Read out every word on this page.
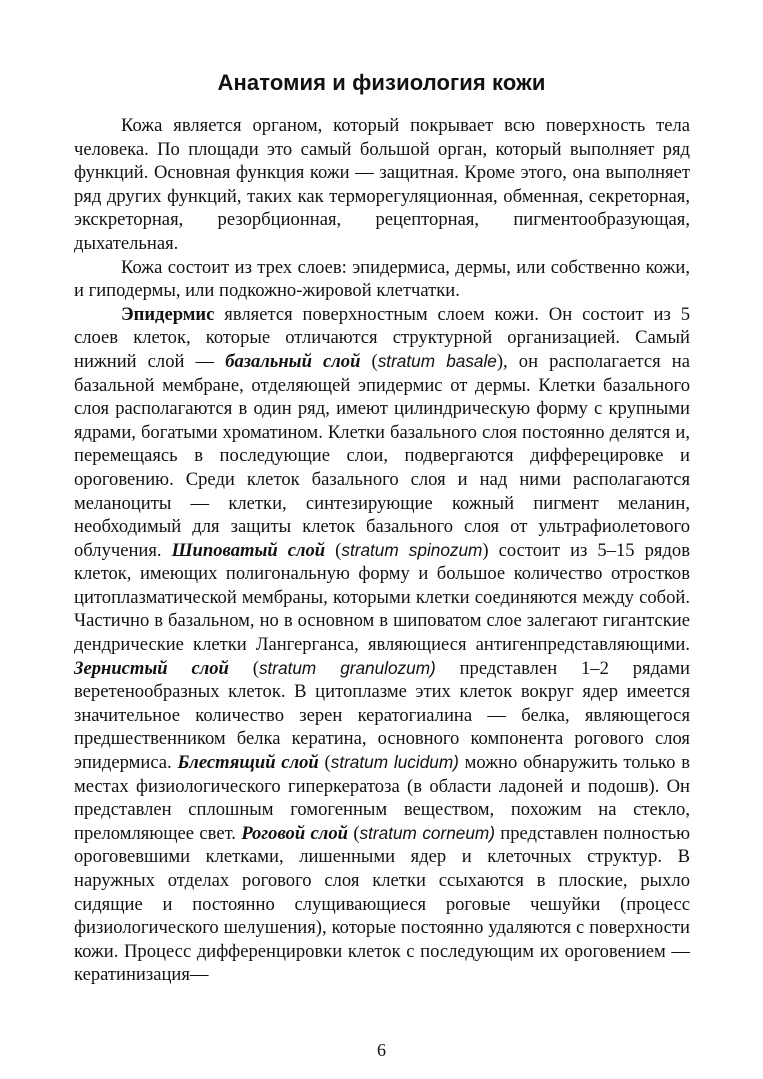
Анатомия и физиология кожи

Кожа является органом, который покрывает всю поверхность тела человека. По площади это самый большой орган, который выполняет ряд функций. Основная функция кожи — защитная. Кроме этого, она выполняет ряд других функций, таких как терморегуляционная, обменная, секреторная, экскреторная, резорбционная, рецепторная, пигментообразующая, дыхательная.

Кожа состоит из трех слоев: эпидермиса, дермы, или собственно кожи, и гиподермы, или подкожно-жировой клетчатки.

Эпидермис является поверхностным слоем кожи. Он состоит из 5 слоев клеток, которые отличаются структурной организацией. Самый нижний слой — базальный слой (stratum basale), он располагается на базальной мембране, отделяющей эпидермис от дермы. Клетки базального слоя располагаются в один ряд, имеют цилиндрическую форму с крупными ядрами, богатыми хроматином. Клетки базального слоя постоянно делятся и, перемещаясь в последующие слои, подвергаются дифферецировке и ороговению. Среди клеток базального слоя и над ними располагаются меланоциты — клетки, синтезирующие кожный пигмент меланин, необходимый для защиты клеток базального слоя от ультрафиолетового облучения. Шиповатый слой (stratum spinozum) состоит из 5–15 рядов клеток, имеющих полигональную форму и большое количество отростков цитоплазматической мембраны, которыми клетки соединяются между собой. Частично в базальном, но в основном в шиповатом слое залегают гигантские дендрические клетки Лангерганса, являющиеся антигенпредставляющими. Зернистый слой (stratum granulozum) представлен 1–2 рядами веретенообразных клеток. В цитоплазме этих клеток вокруг ядер имеется значительное количество зерен кератогиалина — белка, являющегося предшественником белка кератина, основного компонента рогового слоя эпидермиса. Блестящий слой (stratum lucidum) можно обнаружить только в местах физиологического гиперкератоза (в области ладоней и подошв). Он представлен сплошным гомогенным веществом, похожим на стекло, преломляющее свет. Роговой слой (stratum corneum) представлен полностью ороговевшими клетками, лишенными ядер и клеточных структур. В наружных отделах рогового слоя клетки ссыхаются в плоские, рыхло сидящие и постоянно слущивающиеся роговые чешуйки (процесс физиологического шелушения), которые постоянно удаляются с поверхности кожи. Процесс дифференцировки клеток с последующим их ороговением — кератинизация—

6
